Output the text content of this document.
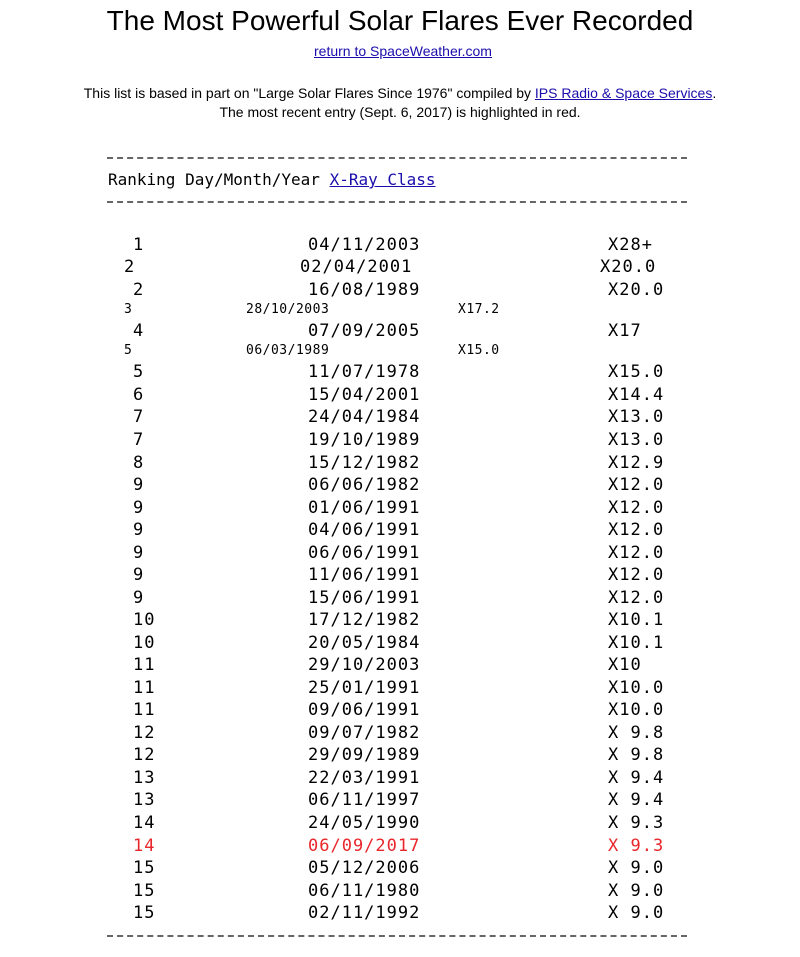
The Most Powerful Solar Flares Ever Recorded
return to SpaceWeather.com
This list is based in part on "Large Solar Flares Since 1976" compiled by IPS Radio & Space Services.
The most recent entry (Sept. 6, 2017) is highlighted in red.
Ranking Day/Month/Year X-Ray Class
1	04/11/2003	X28+
2	02/04/2001	X20.0
2	16/08/1989	X20.0
3	28/10/2003	X17.2
4	07/09/2005	X17
5	06/03/1989	X15.0
5	11/07/1978	X15.0
6	15/04/2001	X14.4
7	24/04/1984	X13.0
7	19/10/1989	X13.0
8	15/12/1982	X12.9
9	06/06/1982	X12.0
9	01/06/1991	X12.0
9	04/06/1991	X12.0
9	06/06/1991	X12.0
9	11/06/1991	X12.0
9	15/06/1991	X12.0
10	17/12/1982	X10.1
10	20/05/1984	X10.1
11	29/10/2003	X10
11	25/01/1991	X10.0
11	09/06/1991	X10.0
12	09/07/1982	X 9.8
12	29/09/1989	X 9.8
13	22/03/1991	X 9.4
13	06/11/1997	X 9.4
14	24/05/1990	X 9.3
14	06/09/2017	X 9.3
15	05/12/2006	X 9.0
15	06/11/1980	X 9.0
15	02/11/1992	X 9.0
